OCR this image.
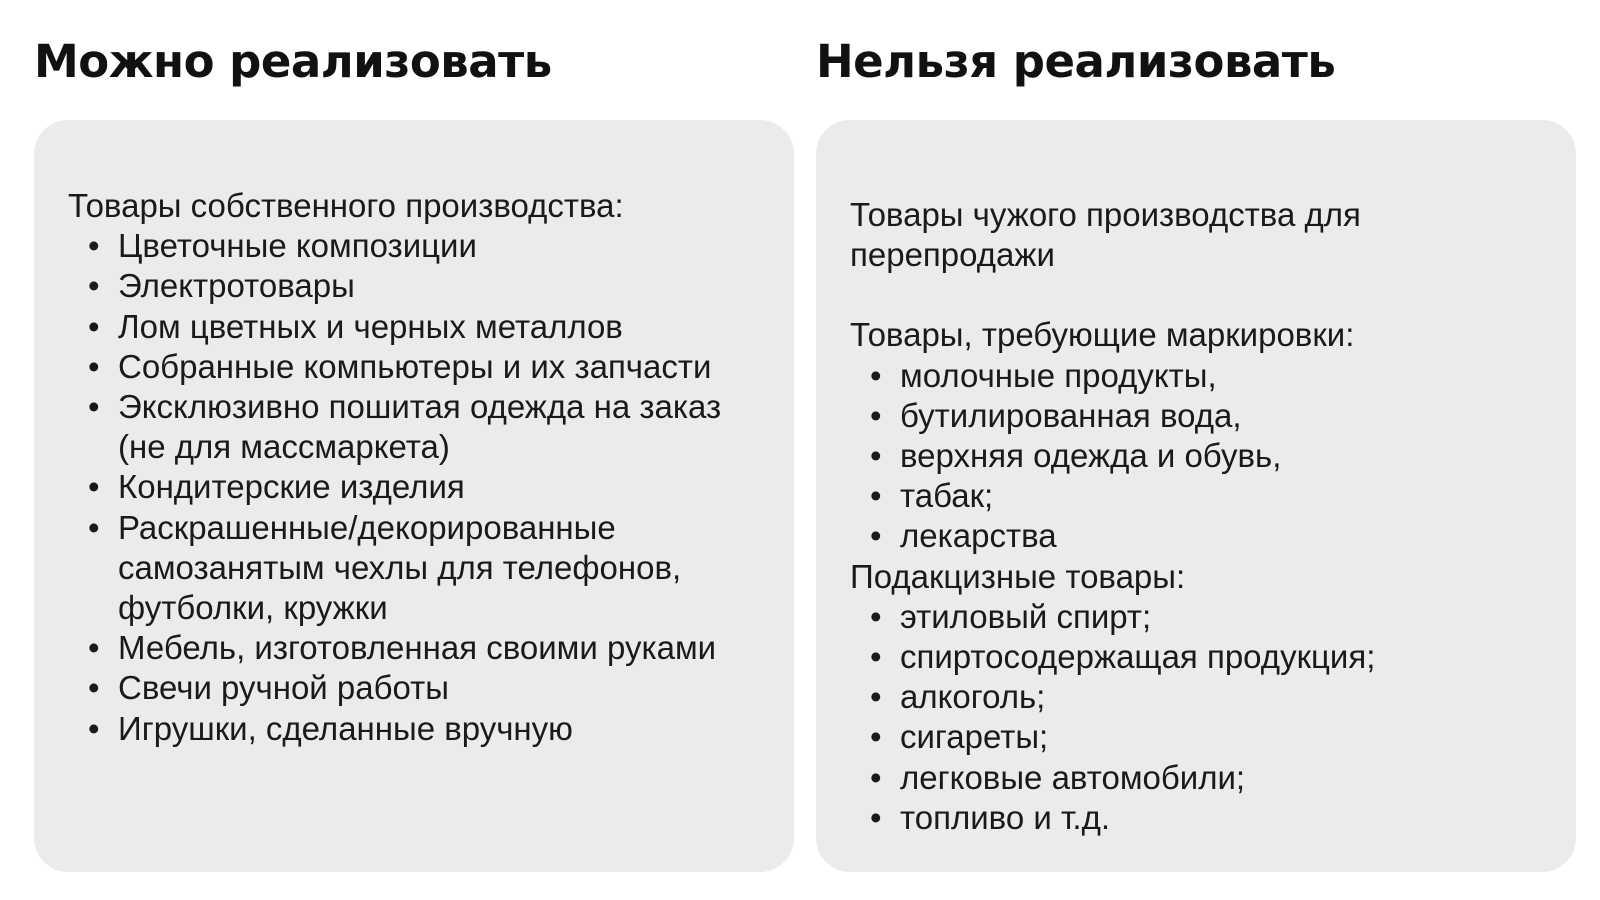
Можно реализовать

Товары собственного производства:

• Цветочные композиции
• Электротовары
• Лом цветных и черных металлов
• Собранные компьютеры и их запчасти
• Эксклюзивно пошитая одежда на заказ (не для массмаркета)
• Кондитерские изделия
• Раскрашенные/декорированные самозанятым чехлы для телефонов, футболки, кружки
• Мебель, изготовленная своими руками
• Свечи ручной работы
• Игрушки, сделанные вручную
Нельзя реализовать

Товары чужого производства для перепродажи

Товары, требующие маркировки:

• молочные продукты,
• бутилированная вода,
• верхняя одежда и обувь,
• табак;
• лекарства

Подакцизные товары:

• этиловый спирт;
• спиртосодержащая продукция;
• алкоголь;
• сигареты;
• легковые автомобили;
• топливо и т.д.
